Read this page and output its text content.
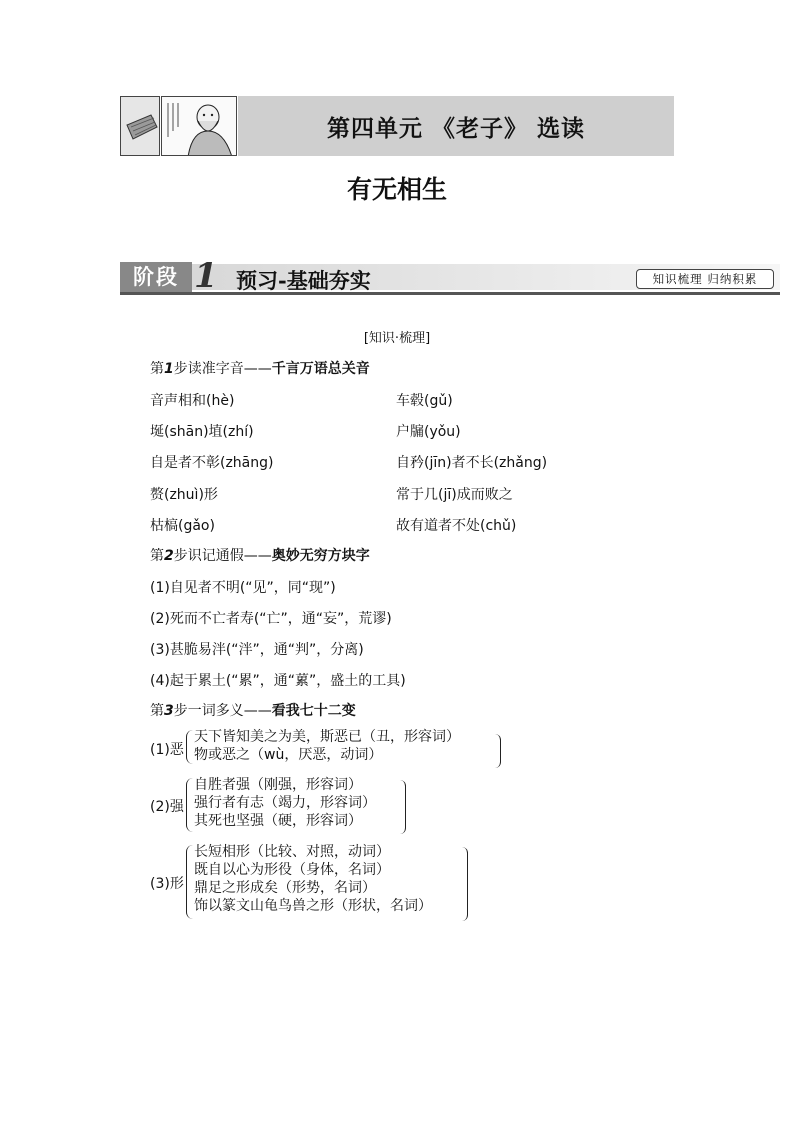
第四单元 《老子》 选读
有无相生
阶段 1 预习-基础夯实	知识梳理 归纳积累
[知识·梳理]
第1步读准字音——千言万语总关音
音声相和(hè)	车毂(gǔ)
埏(shān)埴(zhí)	户牖(yǒu)
自是者不彰(zhāng)	自矜(jīn)者不长(zhǎng)
赘(zhuì)形	常于几(jī)成而败之
枯槁(gǎo)	故有道者不处(chǔ)
第2步识记通假——奥妙无穷方块字
(1)自见者不明(“见”，同“现”)
(2)死而不亡者寿(“亡”，通“妄”，荒谬)
(3)甚脆易泮(“泮”，通“判”，分离)
(4)起于累土(“累”，通“蔂”，盛土的工具)
第3步一词多义——看我七十二变
(1)恶
天下皆知美之为美，斯恶已（丑，形容词）
物或恶之（wù，厌恶，动词）
(2)强
自胜者强（刚强，形容词）
强行者有志（竭力，形容词）
其死也坚强（硬，形容词）
(3)形
长短相形（比较、对照，动词）
既自以心为形役（身体，名词）
鼎足之形成矣（形势，名词）
饰以篆文山龟鸟兽之形（形状，名词）
